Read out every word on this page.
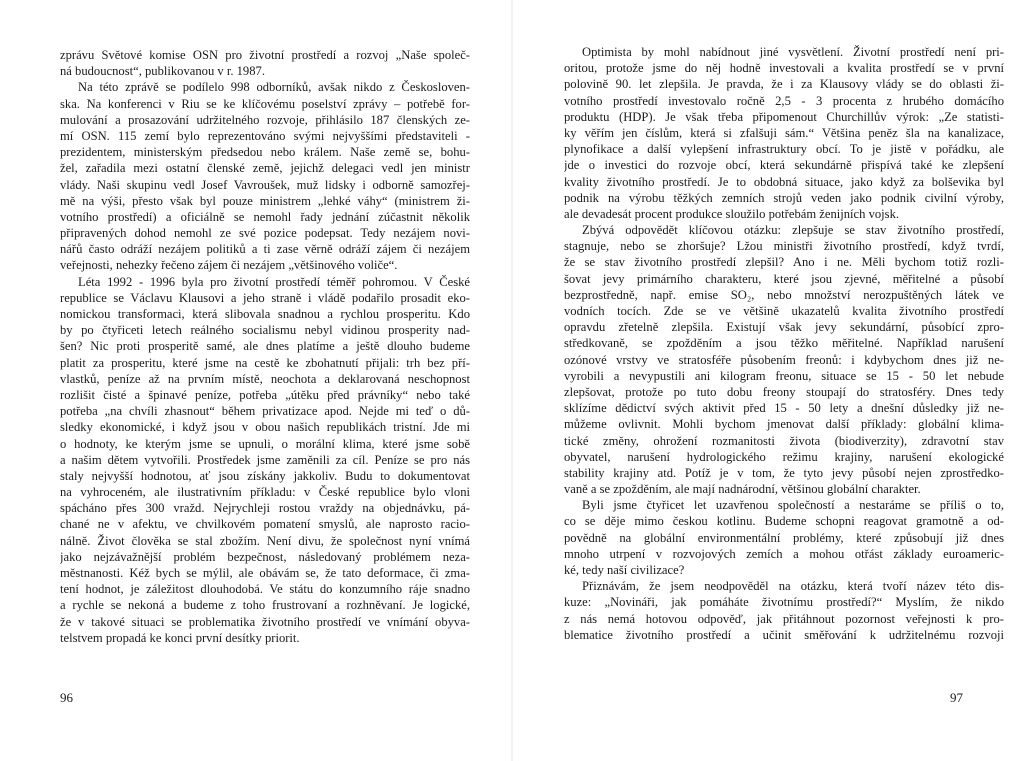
zprávu Světové komise OSN pro životní prostředí a rozvoj „Naše společ-
ná budoucnost“, publikovanou v r. 1987.
Na této zprávě se podílelo 998 odborníků, avšak nikdo z Českosloven-
ska. Na konferenci v Riu se ke klíčovému poselství zprávy – potřebě for-
mulování a prosazování udržitelného rozvoje, přihlásilo 187 členských ze-
mí OSN. 115 zemí bylo reprezentováno svými nejvyššími představiteli -
prezidentem, ministerským předsedou nebo králem. Naše země se, bohu-
žel, zařadila mezi ostatní členské země, jejichž delegaci vedl jen ministr
vlády. Naši skupinu vedl Josef Vavroušek, muž lidsky i odborně samozřej-
mě na výši, přesto však byl pouze ministrem „lehké váhy“ (ministrem ži-
votního prostředí) a oficiálně se nemohl řady jednání zúčastnit několik
připravených dohod nemohl ze své pozice podepsat. Tedy nezájem novi-
nářů často odráží nezájem politiků a ti zase věrně odráží zájem či nezájem
veřejnosti, nehezky řečeno zájem či nezájem „většinového voliče“.
Léta 1992 - 1996 byla pro životní prostředí téměř pohromou. V České
republice se Václavu Klausovi a jeho straně i vládě podařilo prosadit eko-
nomickou transformaci, která slibovala snadnou a rychlou prosperitu. Kdo
by po čtyřiceti letech reálného socialismu nebyl vidinou prosperity nad-
šen? Nic proti prosperitě samé, ale dnes platíme a ještě dlouho budeme
platit za prosperitu, které jsme na cestě ke zbohatnutí přijali: trh bez pří-
vlastků, peníze až na prvním místě, neochota a deklarovaná neschopnost
rozlišit čisté a špinavé peníze, potřeba „útěku před právníky“ nebo také
potřeba „na chvíli zhasnout“ během privatizace apod. Nejde mi teď o dů-
sledky ekonomické, i když jsou v obou našich republikách tristní. Jde mi
o hodnoty, ke kterým jsme se upnuli, o morální klima, které jsme sobě
a našim dětem vytvořili. Prostředek jsme zaměnili za cíl. Peníze se pro nás
staly nejvyšší hodnotou, ať jsou získány jakkoliv. Budu to dokumentovat
na vyhroceném, ale ilustrativním příkladu: v České republice bylo vloni
spácháno přes 300 vražd. Nejrychleji rostou vraždy na objednávku, pá-
chané ne v afektu, ve chvilkovém pomatení smyslů, ale naprosto racio-
nálně. Život člověka se stal zbožím. Není divu, že společnost nyní vnímá
jako nejzávažnější problém bezpečnost, následovaný problémem neza-
městnanosti. Kéž bych se mýlil, ale obávám se, že tato deformace, či zma-
tení hodnot, je záležitost dlouhodobá. Ve státu do konzumního ráje snadno
a rychle se nekoná a budeme z toho frustrovaní a rozhněvaní. Je logické,
že v takové situaci se problematika životního prostředí ve vnímání obyva-
telstvem propadá ke konci první desítky priorit.
96
Optimista by mohl nabídnout jiné vysvětlení. Životní prostředí není pri-
oritou, protože jsme do něj hodně investovali a kvalita prostředí se v první
polovině 90. let zlepšila. Je pravda, že i za Klausovy vlády se do oblasti ži-
votního prostředí investovalo ročně 2,5 - 3 procenta z hrubého domácího
produktu (HDP). Je však třeba připomenout Churchillův výrok: „Ze statisti-
ky věřím jen číslům, která si zfalšuji sám.“ Většina peněz šla na kanalizace,
plynofikace a další vylepšení infrastruktury obcí. To je jistě v pořádku, ale
jde o investici do rozvoje obcí, která sekundárně přispívá také ke zlepšení
kvality životního prostředí. Je to obdobná situace, jako když za bolševika byl
podnik na výrobu těžkých zemních strojů veden jako podnik civilní výroby,
ale devadesát procent produkce sloužilo potřebám ženijních vojsk.
Zbývá odpovědět klíčovou otázku: zlepšuje se stav životního prostředí,
stagnuje, nebo se zhoršuje? Lžou ministři životního prostředí, když tvrdí,
že se stav životního prostředí zlepšil? Ano i ne. Měli bychom totiž rozli-
šovat jevy primárního charakteru, které jsou zjevné, měřitelné a působí
bezprostředně, např. emise SO₂, nebo množství nerozpuštěných látek ve
vodních tocích. Zde se ve většině ukazatelů kvalita životního prostředí
opravdu zřetelně zlepšila. Existují však jevy sekundární, působící zpro-
středkovaně, se zpožděním a jsou těžko měřitelné. Například narušení
ozónové vrstvy ve stratosféře působením freonů: i kdybychom dnes již ne-
vyrobili a nevypustili ani kilogram freonu, situace se 15 - 50 let nebude
zlepšovat, protože po tuto dobu freony stoupají do stratosféry. Dnes tedy
sklízíme dědictví svých aktivit před 15 - 50 lety a dnešní důsledky již ne-
můžeme ovlivnit. Mohli bychom jmenovat další příklady: globální klima-
tické změny, ohrožení rozmanitosti života (biodiverzity), zdravotní stav
obyvatel, narušení hydrologického režimu krajiny, narušení ekologické
stability krajiny atd. Potíž je v tom, že tyto jevy působí nejen zprostředko-
vaně a se zpožděním, ale mají nadnárodní, většinou globální charakter.
Byli jsme čtyřicet let uzavřenou společností a nestaráme se příliš o to,
co se děje mimo českou kotlinu. Budeme schopni reagovat gramotně a od-
povědně na globální environmentální problémy, které způsobují již dnes
mnoho utrpení v rozvojových zemích a mohou otřást základy euroameric-
ké, tedy naší civilizace?
Přiznávám, že jsem neodpověděl na otázku, která tvoří název této dis-
kuze: „Novináři, jak pomáháte životnímu prostředí?“ Myslím, že nikdo
z nás nemá hotovou odpověď, jak přitáhnout pozornost veřejnosti k pro-
blematice životního prostředí a učinit směřování k udržitelnému rozvoji
97
